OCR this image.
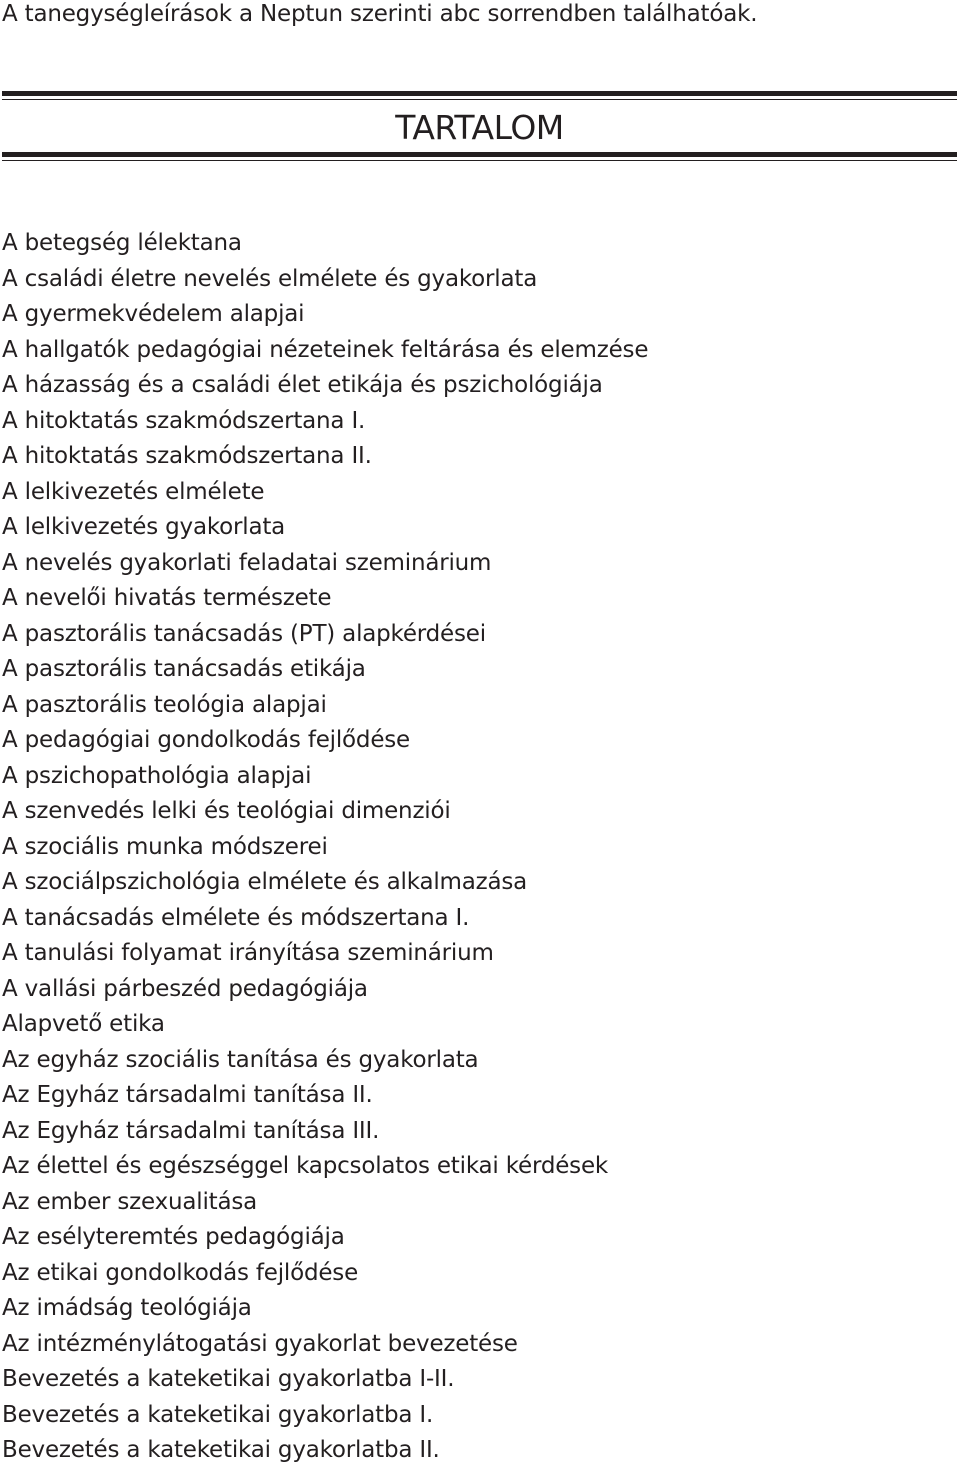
A tanegységleírások a Neptun szerinti abc sorrendben találhatóak.
TARTALOM
A betegség lélektana
A családi életre nevelés elmélete és gyakorlata
A gyermekvédelem alapjai
A hallgatók pedagógiai nézeteinek feltárása és elemzése
A házasság és a családi élet etikája és pszichológiája
A hitoktatás szakmódszertana I.
A hitoktatás szakmódszertana II.
A lelkivezetés elmélete
A lelkivezetés gyakorlata
A nevelés gyakorlati feladatai szeminárium
A nevelői hivatás természete
A pasztorális tanácsadás (PT) alapkérdései
A pasztorális tanácsadás etikája
A pasztorális teológia alapjai
A pedagógiai gondolkodás fejlődése
A pszichopathológia alapjai
A szenvedés lelki és teológiai dimenziói
A szociális munka módszerei
A szociálpszichológia elmélete és alkalmazása
A tanácsadás elmélete és módszertana I.
A tanulási folyamat irányítása szeminárium
A vallási párbeszéd pedagógiája
Alapvető etika
Az egyház szociális tanítása és gyakorlata
Az Egyház társadalmi tanítása II.
Az Egyház társadalmi tanítása III.
Az élettel és egészséggel kapcsolatos etikai kérdések
Az ember szexualitása
Az esélyteremtés pedagógiája
Az etikai gondolkodás fejlődése
Az imádság teológiája
Az intézménylátogatási gyakorlat bevezetése
Bevezetés a kateketikai gyakorlatba I-II.
Bevezetés a kateketikai gyakorlatba I.
Bevezetés a kateketikai gyakorlatba II.
